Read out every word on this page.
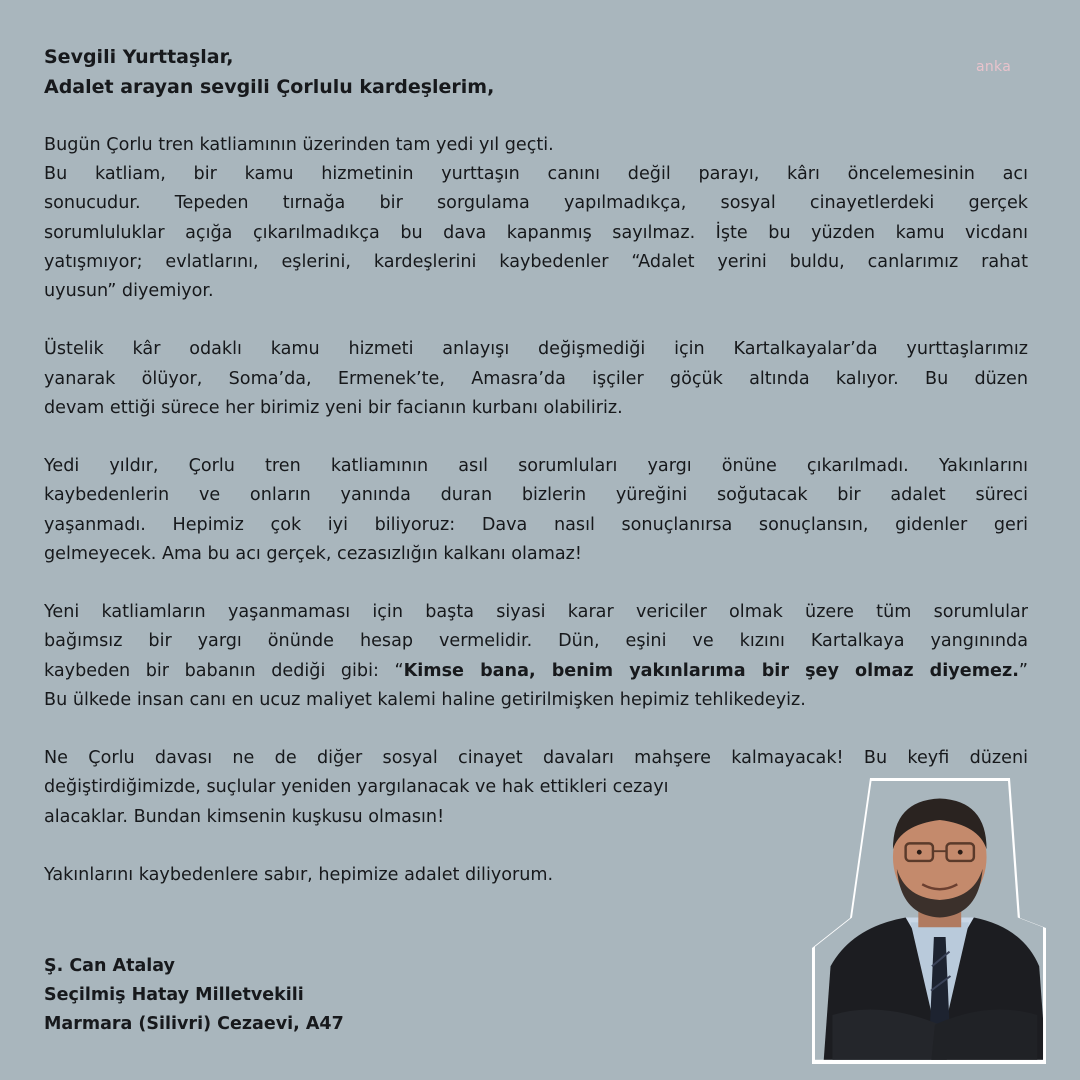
anka
Sevgili Yurttaşlar,
Adalet arayan sevgili Çorlulu kardeşlerim,
Bugün Çorlu tren katliamının üzerinden tam yedi yıl geçti.
Bu katliam, bir kamu hizmetinin yurttaşın canını değil parayı, kârı öncelemesinin acı
sonucudur. Tepeden tırnağa bir sorgulama yapılmadıkça, sosyal cinayetlerdeki gerçek
sorumluluklar açığa çıkarılmadıkça bu dava kapanmış sayılmaz. İşte bu yüzden kamu vicdanı
yatışmıyor; evlatlarını, eşlerini, kardeşlerini kaybedenler “Adalet yerini buldu, canlarımız rahat
uyusun” diyemiyor.
Üstelik kâr odaklı kamu hizmeti anlayışı değişmediği için Kartalkayalar’da yurttaşlarımız
yanarak ölüyor, Soma’da, Ermenek’te, Amasra’da işçiler göçük altında kalıyor. Bu düzen
devam ettiği sürece her birimiz yeni bir facianın kurbanı olabiliriz.
Yedi yıldır, Çorlu tren katliamının asıl sorumluları yargı önüne çıkarılmadı. Yakınlarını
kaybedenlerin ve onların yanında duran bizlerin yüreğini soğutacak bir adalet süreci
yaşanmadı. Hepimiz çok iyi biliyoruz: Dava nasıl sonuçlanırsa sonuçlansın, gidenler geri
gelmeyecek. Ama bu acı gerçek, cezasızlığın kalkanı olamaz!
Yeni katliamların yaşanmaması için başta siyasi karar vericiler olmak üzere tüm sorumlular
bağımsız bir yargı önünde hesap vermelidir. Dün, eşini ve kızını Kartalkaya yangınında
kaybeden bir babanın dediği gibi: “Kimse bana, benim yakınlarıma bir şey olmaz diyemez.”
Bu ülkede insan canı en ucuz maliyet kalemi haline getirilmişken hepimiz tehlikedeyiz.
Ne Çorlu davası ne de diğer sosyal cinayet davaları mahşere kalmayacak! Bu keyfi düzeni
değiştirdiğimizde, suçlular yeniden yargılanacak ve hak ettikleri cezayı
alacaklar. Bundan kimsenin kuşkusu olmasın!
Yakınlarını kaybedenlere sabır, hepimize adalet diliyorum.
Ş. Can Atalay
Seçilmiş Hatay Milletvekili
Marmara (Silivri) Cezaevi, A47
